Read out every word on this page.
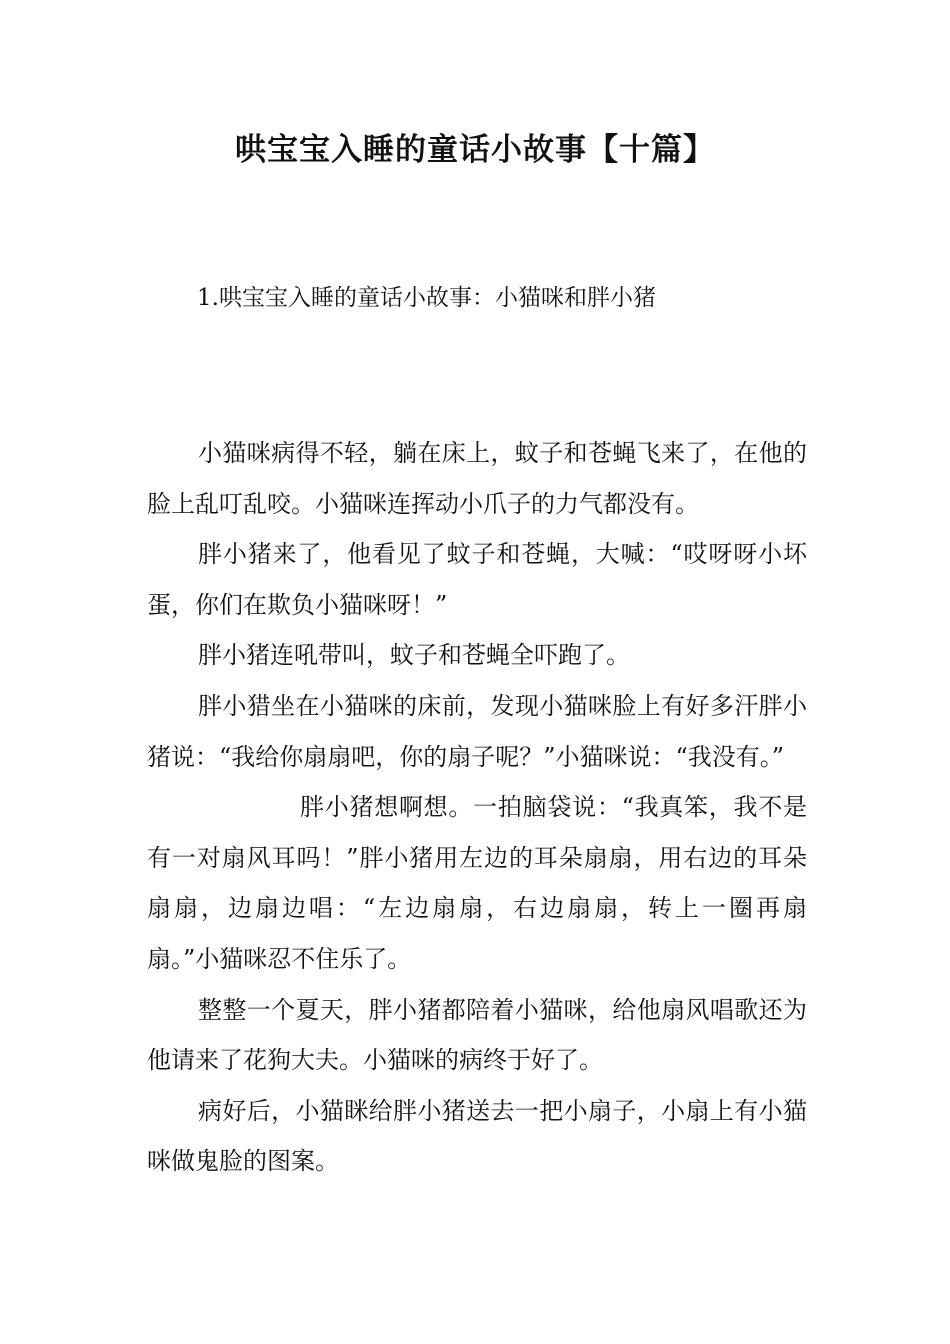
哄宝宝入睡的童话小故事【十篇】
1.哄宝宝入睡的童话小故事：小猫咪和胖小猪

小猫咪病得不轻，躺在床上，蚊子和苍蝇飞来了，在他的脸上乱叮乱咬。小猫咪连挥动小爪子的力气都没有。

胖小猪来了，他看见了蚊子和苍蝇，大喊：“哎呀呀小坏蛋，你们在欺负小猫咪呀！”

胖小猪连吼带叫，蚊子和苍蝇全吓跑了。

胖小猎坐在小猫咪的床前，发现小猫咪脸上有好多汗胖小猪说：“我给你扇扇吧，你的扇子呢？”小猫咪说：“我没有。”

胖小猪想啊想。一拍脑袋说：“我真笨，我不是有一对扇风耳吗！”胖小猪用左边的耳朵扇扇，用右边的耳朵扇扇，边扇边唱：“左边扇扇，右边扇扇，转上一圈再扇扇。”小猫咪忍不住乐了。

整整一个夏天，胖小猪都陪着小猫咪，给他扇风唱歌还为他请来了花狗大夫。小猫咪的病终于好了。

病好后，小猫眯给胖小猪送去一把小扇子，小扇上有小猫咪做鬼脸的图案。
